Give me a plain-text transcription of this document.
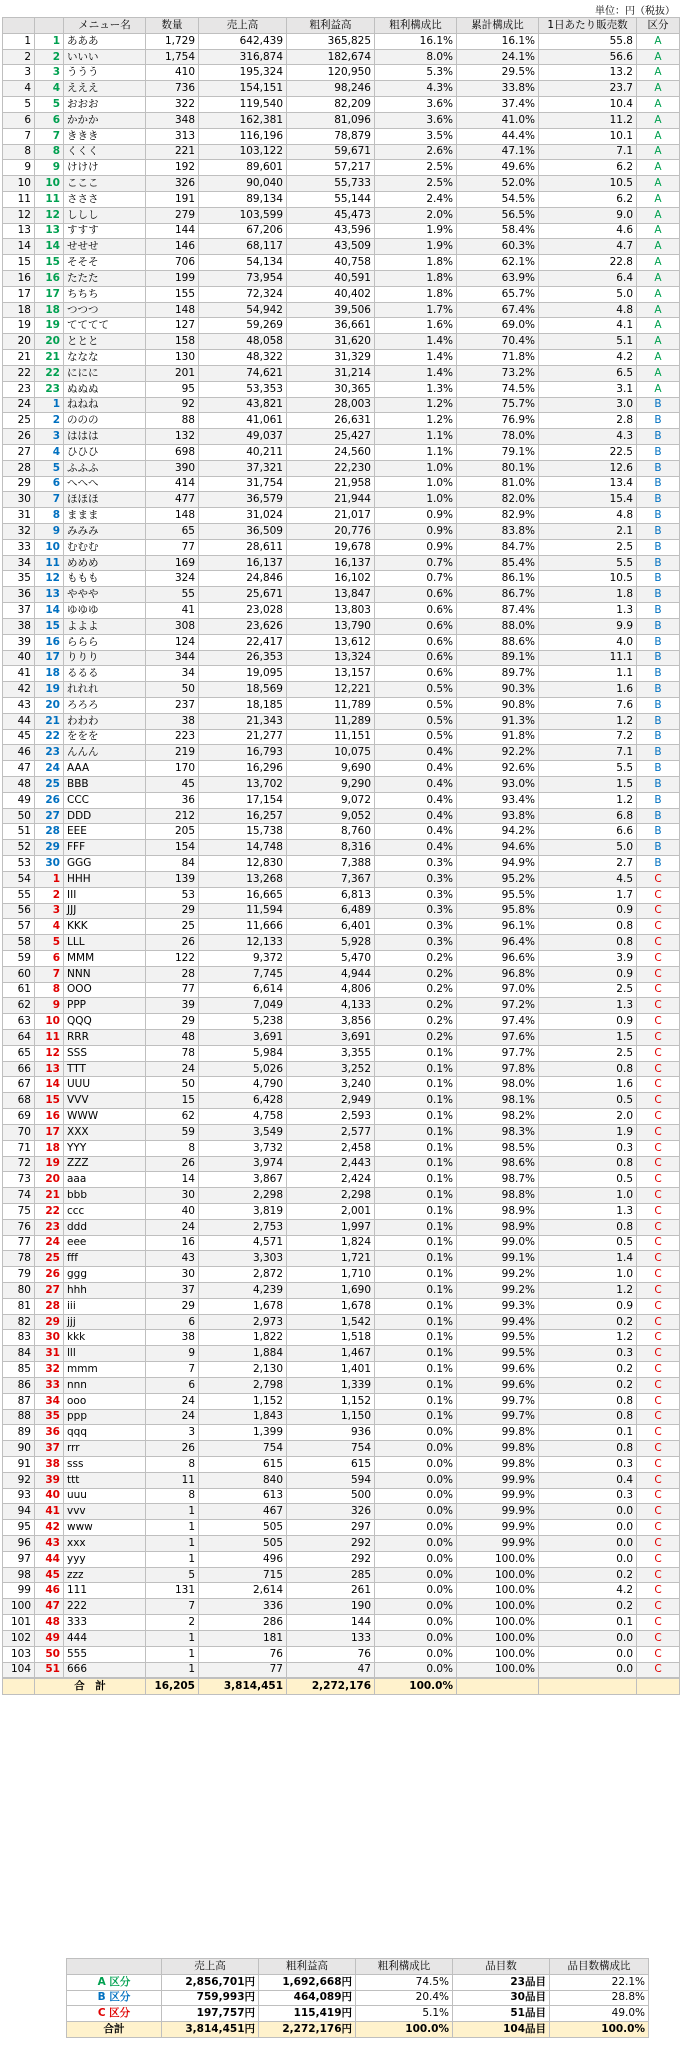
単位：円（税抜）
		メニュー名	数量	売上高	粗利益高	粗利構成比	累計構成比	1日あたり販売数	区分
1	1	あああ	1,729	642,439	365,825	16.1%	16.1%	55.8	A
2	2	いいい	1,754	316,874	182,674	8.0%	24.1%	56.6	A
3	3	ううう	410	195,324	120,950	5.3%	29.5%	13.2	A
4	4	えええ	736	154,151	98,246	4.3%	33.8%	23.7	A
5	5	おおお	322	119,540	82,209	3.6%	37.4%	10.4	A
6	6	かかか	348	162,381	81,096	3.6%	41.0%	11.2	A
7	7	ききき	313	116,196	78,879	3.5%	44.4%	10.1	A
8	8	くくく	221	103,122	59,671	2.6%	47.1%	7.1	A
9	9	けけけ	192	89,601	57,217	2.5%	49.6%	6.2	A
10	10	こここ	326	90,040	55,733	2.5%	52.0%	10.5	A
11	11	さささ	191	89,134	55,144	2.4%	54.5%	6.2	A
12	12	ししし	279	103,599	45,473	2.0%	56.5%	9.0	A
13	13	すすす	144	67,206	43,596	1.9%	58.4%	4.6	A
14	14	せせせ	146	68,117	43,509	1.9%	60.3%	4.7	A
15	15	そそそ	706	54,134	40,758	1.8%	62.1%	22.8	A
16	16	たたた	199	73,954	40,591	1.8%	63.9%	6.4	A
17	17	ちちち	155	72,324	40,402	1.8%	65.7%	5.0	A
18	18	つつつ	148	54,942	39,506	1.7%	67.4%	4.8	A
19	19	てててて	127	59,269	36,661	1.6%	69.0%	4.1	A
20	20	ととと	158	48,058	31,620	1.4%	70.4%	5.1	A
21	21	ななな	130	48,322	31,329	1.4%	71.8%	4.2	A
22	22	ににに	201	74,621	31,214	1.4%	73.2%	6.5	A
23	23	ぬぬぬ	95	53,353	30,365	1.3%	74.5%	3.1	A
24	1	ねねね	92	43,821	28,003	1.2%	75.7%	3.0	B
25	2	ののの	88	41,061	26,631	1.2%	76.9%	2.8	B
26	3	ははは	132	49,037	25,427	1.1%	78.0%	4.3	B
27	4	ひひひ	698	40,211	24,560	1.1%	79.1%	22.5	B
28	5	ふふふ	390	37,321	22,230	1.0%	80.1%	12.6	B
29	6	へへへ	414	31,754	21,958	1.0%	81.0%	13.4	B
30	7	ほほほ	477	36,579	21,944	1.0%	82.0%	15.4	B
31	8	ままま	148	31,024	21,017	0.9%	82.9%	4.8	B
32	9	みみみ	65	36,509	20,776	0.9%	83.8%	2.1	B
33	10	むむむ	77	28,611	19,678	0.9%	84.7%	2.5	B
34	11	めめめ	169	16,137	16,137	0.7%	85.4%	5.5	B
35	12	ももも	324	24,846	16,102	0.7%	86.1%	10.5	B
36	13	ややや	55	25,671	13,847	0.6%	86.7%	1.8	B
37	14	ゆゆゆ	41	23,028	13,803	0.6%	87.4%	1.3	B
38	15	よよよ	308	23,626	13,790	0.6%	88.0%	9.9	B
39	16	ららら	124	22,417	13,612	0.6%	88.6%	4.0	B
40	17	りりり	344	26,353	13,324	0.6%	89.1%	11.1	B
41	18	るるる	34	19,095	13,157	0.6%	89.7%	1.1	B
42	19	れれれ	50	18,569	12,221	0.5%	90.3%	1.6	B
43	20	ろろろ	237	18,185	11,789	0.5%	90.8%	7.6	B
44	21	わわわ	38	21,343	11,289	0.5%	91.3%	1.2	B
45	22	ををを	223	21,277	11,151	0.5%	91.8%	7.2	B
46	23	んんん	219	16,793	10,075	0.4%	92.2%	7.1	B
47	24	AAA	170	16,296	9,690	0.4%	92.6%	5.5	B
48	25	BBB	45	13,702	9,290	0.4%	93.0%	1.5	B
49	26	CCC	36	17,154	9,072	0.4%	93.4%	1.2	B
50	27	DDD	212	16,257	9,052	0.4%	93.8%	6.8	B
51	28	EEE	205	15,738	8,760	0.4%	94.2%	6.6	B
52	29	FFF	154	14,748	8,316	0.4%	94.6%	5.0	B
53	30	GGG	84	12,830	7,388	0.3%	94.9%	2.7	B
54	1	HHH	139	13,268	7,367	0.3%	95.2%	4.5	C
55	2	III	53	16,665	6,813	0.3%	95.5%	1.7	C
56	3	JJJ	29	11,594	6,489	0.3%	95.8%	0.9	C
57	4	KKK	25	11,666	6,401	0.3%	96.1%	0.8	C
58	5	LLL	26	12,133	5,928	0.3%	96.4%	0.8	C
59	6	MMM	122	9,372	5,470	0.2%	96.6%	3.9	C
60	7	NNN	28	7,745	4,944	0.2%	96.8%	0.9	C
61	8	OOO	77	6,614	4,806	0.2%	97.0%	2.5	C
62	9	PPP	39	7,049	4,133	0.2%	97.2%	1.3	C
63	10	QQQ	29	5,238	3,856	0.2%	97.4%	0.9	C
64	11	RRR	48	3,691	3,691	0.2%	97.6%	1.5	C
65	12	SSS	78	5,984	3,355	0.1%	97.7%	2.5	C
66	13	TTT	24	5,026	3,252	0.1%	97.8%	0.8	C
67	14	UUU	50	4,790	3,240	0.1%	98.0%	1.6	C
68	15	VVV	15	6,428	2,949	0.1%	98.1%	0.5	C
69	16	WWW	62	4,758	2,593	0.1%	98.2%	2.0	C
70	17	XXX	59	3,549	2,577	0.1%	98.3%	1.9	C
71	18	YYY	8	3,732	2,458	0.1%	98.5%	0.3	C
72	19	ZZZ	26	3,974	2,443	0.1%	98.6%	0.8	C
73	20	aaa	14	3,867	2,424	0.1%	98.7%	0.5	C
74	21	bbb	30	2,298	2,298	0.1%	98.8%	1.0	C
75	22	ccc	40	3,819	2,001	0.1%	98.9%	1.3	C
76	23	ddd	24	2,753	1,997	0.1%	98.9%	0.8	C
77	24	eee	16	4,571	1,824	0.1%	99.0%	0.5	C
78	25	fff	43	3,303	1,721	0.1%	99.1%	1.4	C
79	26	ggg	30	2,872	1,710	0.1%	99.2%	1.0	C
80	27	hhh	37	4,239	1,690	0.1%	99.2%	1.2	C
81	28	iii	29	1,678	1,678	0.1%	99.3%	0.9	C
82	29	jjj	6	2,973	1,542	0.1%	99.4%	0.2	C
83	30	kkk	38	1,822	1,518	0.1%	99.5%	1.2	C
84	31	lll	9	1,884	1,467	0.1%	99.5%	0.3	C
85	32	mmm	7	2,130	1,401	0.1%	99.6%	0.2	C
86	33	nnn	6	2,798	1,339	0.1%	99.6%	0.2	C
87	34	ooo	24	1,152	1,152	0.1%	99.7%	0.8	C
88	35	ppp	24	1,843	1,150	0.1%	99.7%	0.8	C
89	36	qqq	3	1,399	936	0.0%	99.8%	0.1	C
90	37	rrr	26	754	754	0.0%	99.8%	0.8	C
91	38	sss	8	615	615	0.0%	99.8%	0.3	C
92	39	ttt	11	840	594	0.0%	99.9%	0.4	C
93	40	uuu	8	613	500	0.0%	99.9%	0.3	C
94	41	vvv	1	467	326	0.0%	99.9%	0.0	C
95	42	www	1	505	297	0.0%	99.9%	0.0	C
96	43	xxx	1	505	292	0.0%	99.9%	0.0	C
97	44	yyy	1	496	292	0.0%	100.0%	0.0	C
98	45	zzz	5	715	285	0.0%	100.0%	0.2	C
99	46	111	131	2,614	261	0.0%	100.0%	4.2	C
100	47	222	7	336	190	0.0%	100.0%	0.2	C
101	48	333	2	286	144	0.0%	100.0%	0.1	C
102	49	444	1	181	133	0.0%	100.0%	0.0	C
103	50	555	1	76	76	0.0%	100.0%	0.0	C
104	51	666	1	77	47	0.0%	100.0%	0.0	C
	合　計		16,205	3,814,451	2,272,176	100.0%			
	売上高	粗利益高	粗利構成比	品目数	品目数構成比
A 区分	2,856,701円	1,692,668円	74.5%	23品目	22.1%
B 区分	759,993円	464,089円	20.4%	30品目	28.8%
C 区分	197,757円	115,419円	5.1%	51品目	49.0%
合計	3,814,451円	2,272,176円	100.0%	104品目	100.0%
